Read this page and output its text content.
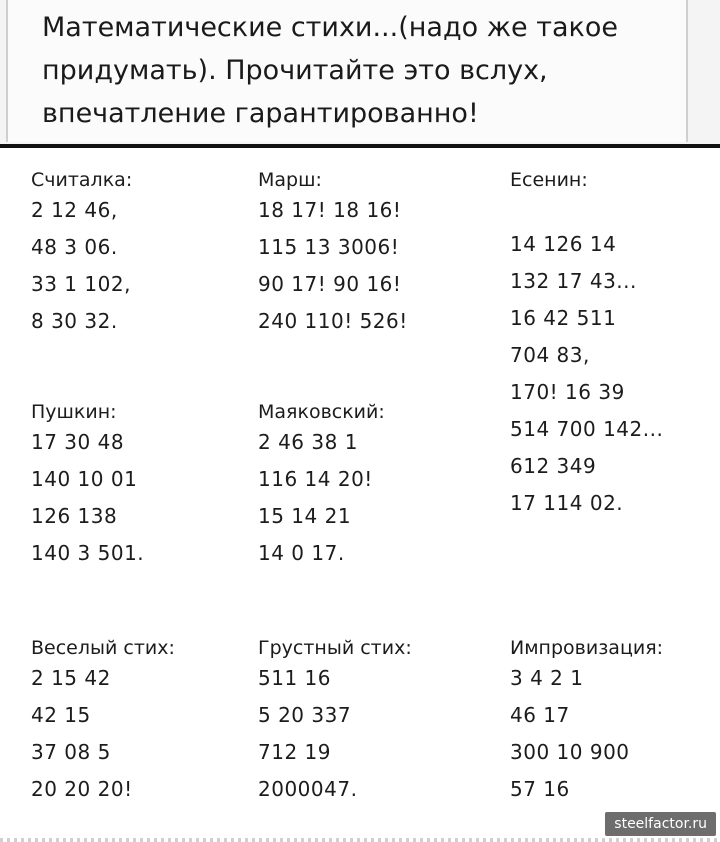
Математические стихи...(надо же такое придумать). Прочитайте это вслух, впечатление гарантированно!
Считалка:
2 12 46,
48 3 06.
33 1 102,
8 30 32.
Марш:
18 17! 18 16!
115 13 3006!
90 17! 90 16!
240 110! 526!
Есенин:
14 126 14
132 17 43...
16 42 511
704 83,
170! 16 39
514 700 142...
612 349
17 114 02.
Пушкин:
17 30 48
140 10 01
126 138
140 3 501.
Маяковский:
2 46 38 1
116 14 20!
15 14 21
14 0 17.
Веселый стих:
2 15 42
42 15
37 08 5
20 20 20!
Грустный стих:
511 16
5 20 337
712 19
2000047.
Импровизация:
3 4 2 1
46 17
300 10 900
57 16
steelfactor.ru
